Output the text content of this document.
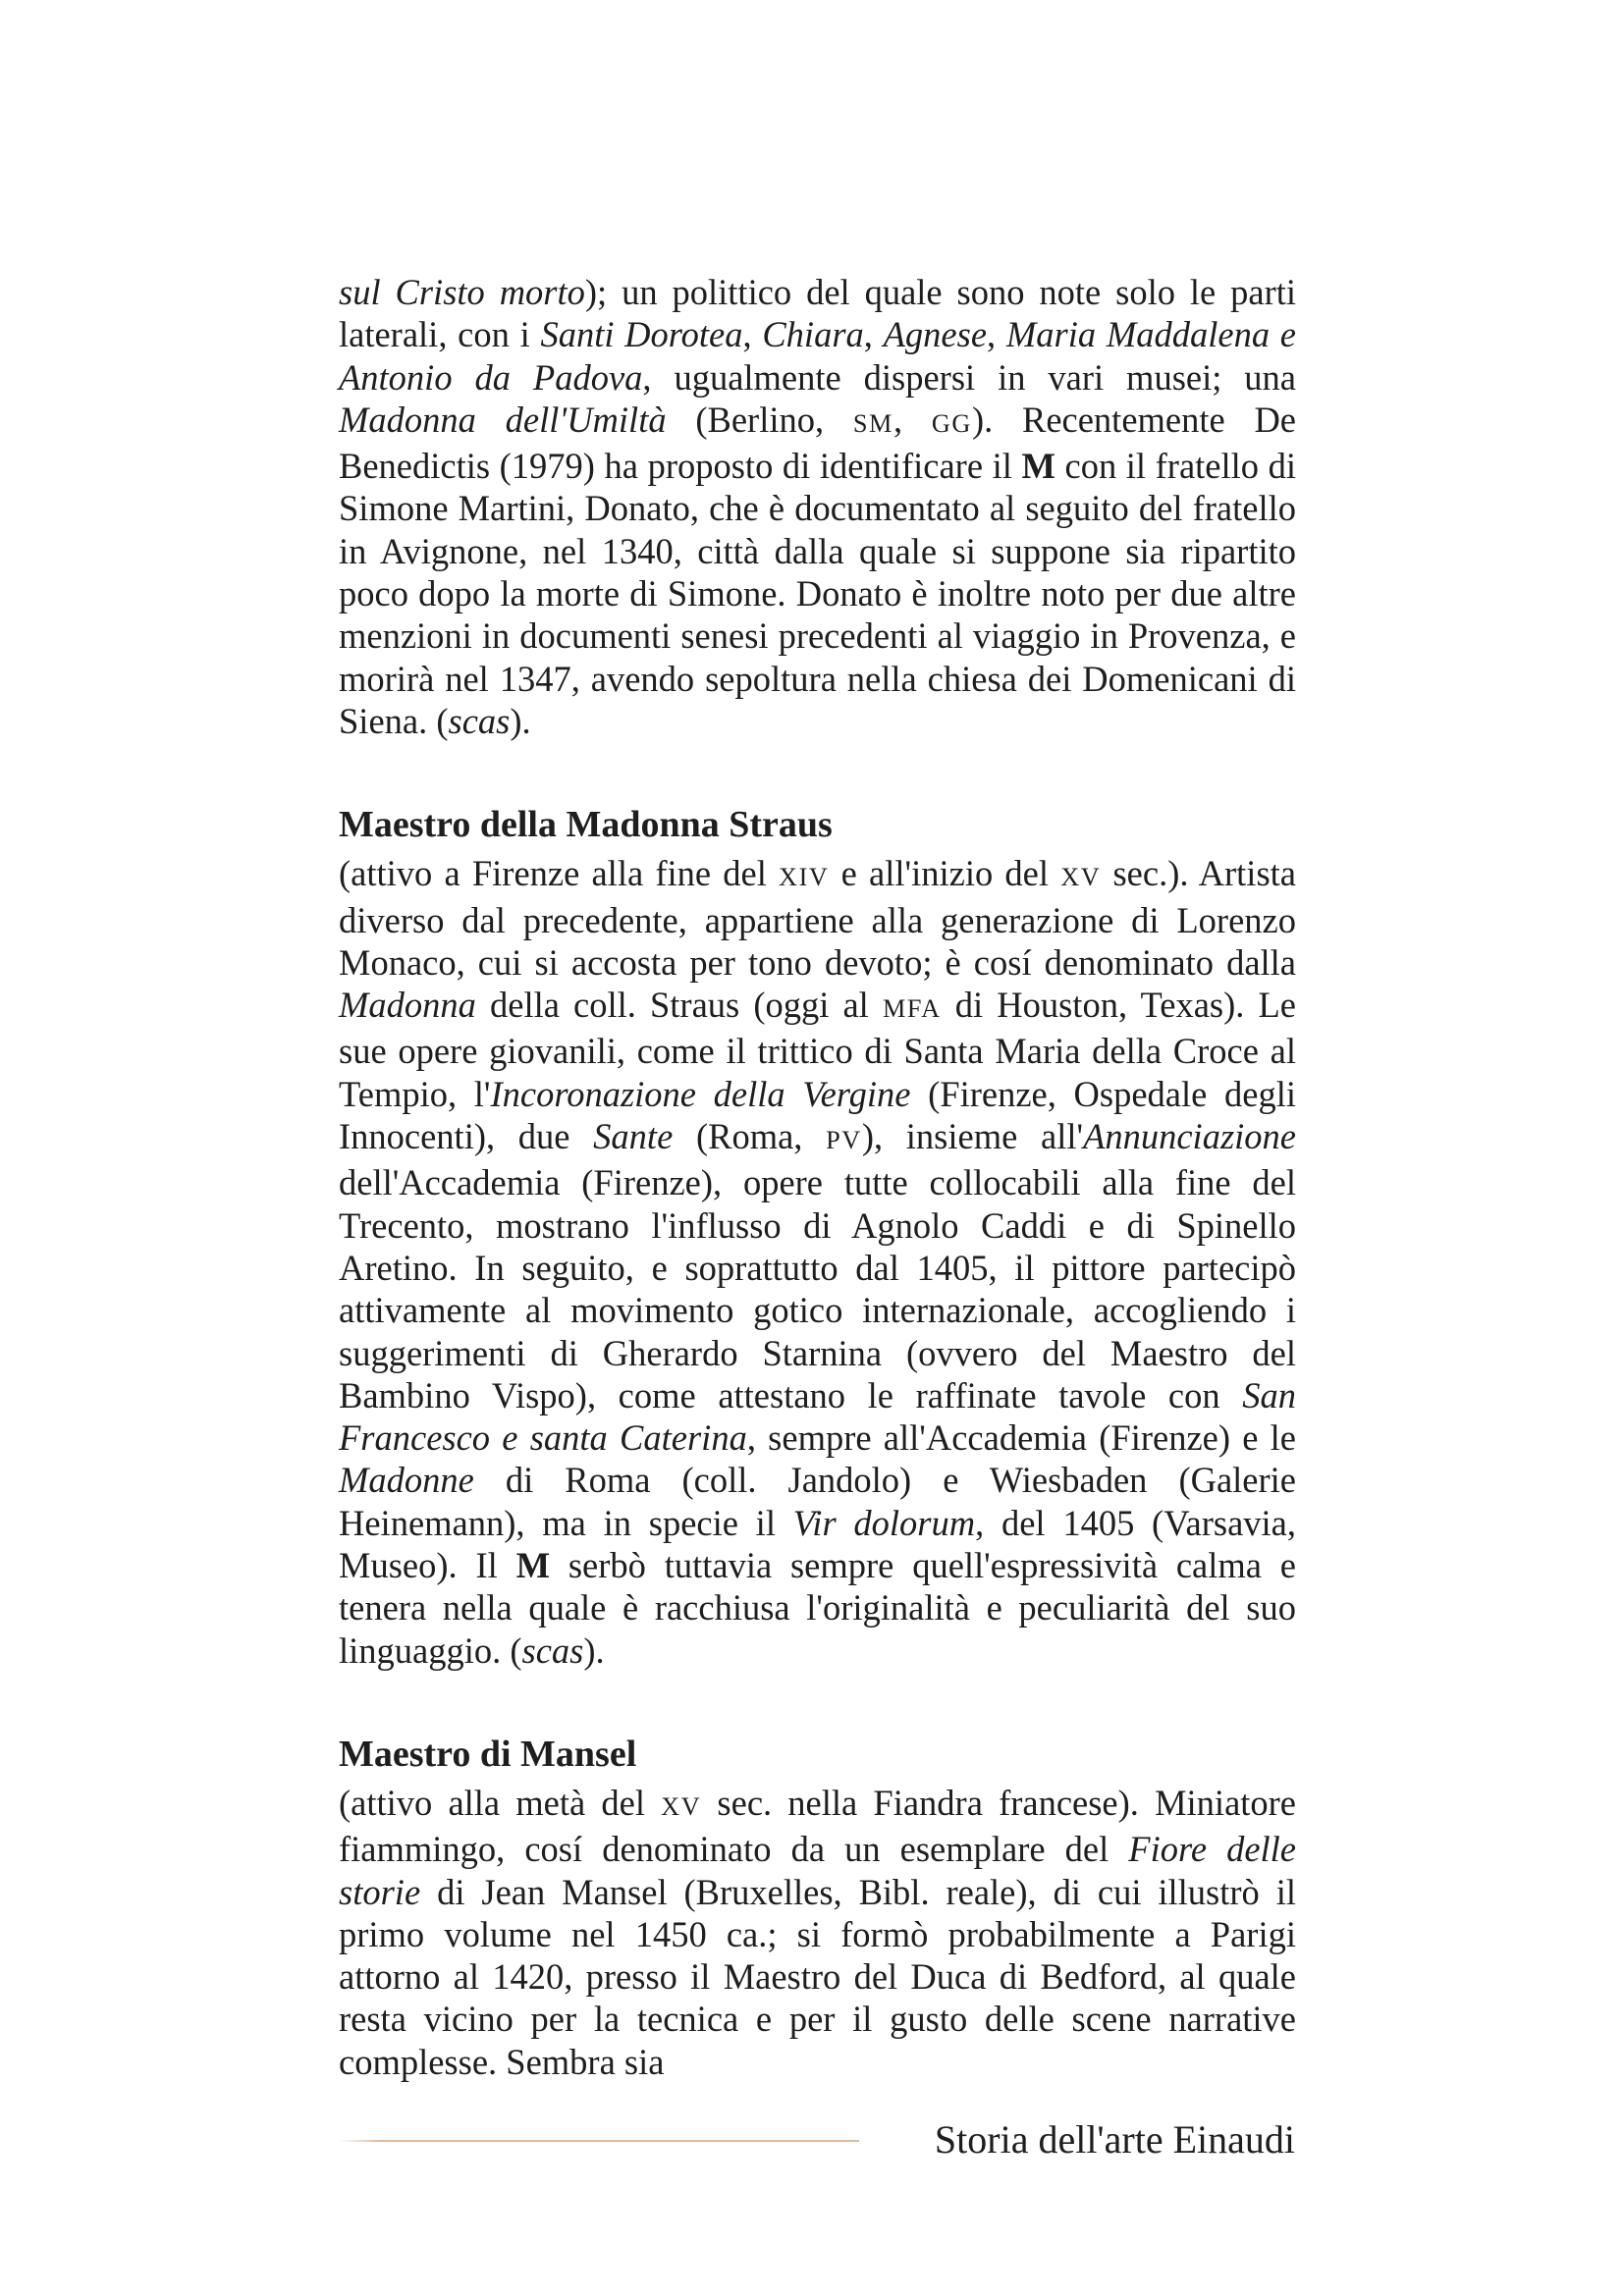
sul Cristo morto); un polittico del quale sono note solo le parti laterali, con i Santi Dorotea, Chiara, Agnese, Maria Maddalena e Antonio da Padova, ugualmente dispersi in vari musei; una Madonna dell'Umiltà (Berlino, SM, GG). Recentemente De Benedictis (1979) ha proposto di identificare il M con il fratello di Simone Martini, Donato, che è documentato al seguito del fratello in Avignone, nel 1340, città dalla quale si suppone sia ripartito poco dopo la morte di Simone. Donato è inoltre noto per due altre menzioni in documenti senesi precedenti al viaggio in Provenza, e morirà nel 1347, avendo sepoltura nella chiesa dei Domenicani di Siena. (scas).

Maestro della Madonna Straus

(attivo a Firenze alla fine del XIV e all'inizio del XV sec.). Artista diverso dal precedente, appartiene alla generazione di Lorenzo Monaco, cui si accosta per tono devoto; è cosí denominato dalla Madonna della coll. Straus (oggi al MFA di Houston, Texas). Le sue opere giovanili, come il trittico di Santa Maria della Croce al Tempio, l'Incoronazione della Vergine (Firenze, Ospedale degli Innocenti), due Sante (Roma, PV), insieme all'Annunciazione dell'Accademia (Firenze), opere tutte collocabili alla fine del Trecento, mostrano l'influsso di Agnolo Caddi e di Spinello Aretino. In seguito, e soprattutto dal 1405, il pittore partecipò attivamente al movimento gotico internazionale, accogliendo i suggerimenti di Gherardo Starnina (ovvero del Maestro del Bambino Vispo), come attestano le raffinate tavole con San Francesco e santa Caterina, sempre all'Accademia (Firenze) e le Madonne di Roma (coll. Jandolo) e Wiesbaden (Galerie Heinemann), ma in specie il Vir dolorum, del 1405 (Varsavia, Museo). Il M serbò tuttavia sempre quell'espressività calma e tenera nella quale è racchiusa l'originalità e peculiarità del suo linguaggio. (scas).

Maestro di Mansel

(attivo alla metà del XV sec. nella Fiandra francese). Miniatore fiammingo, cosí denominato da un esemplare del Fiore delle storie di Jean Mansel (Bruxelles, Bibl. reale), di cui illustrò il primo volume nel 1450 ca.; si formò probabilmente a Parigi attorno al 1420, presso il Maestro del Duca di Bedford, al quale resta vicino per la tecnica e per il gusto delle scene narrative complesse. Sembra sia

Storia dell'arte Einaudi
